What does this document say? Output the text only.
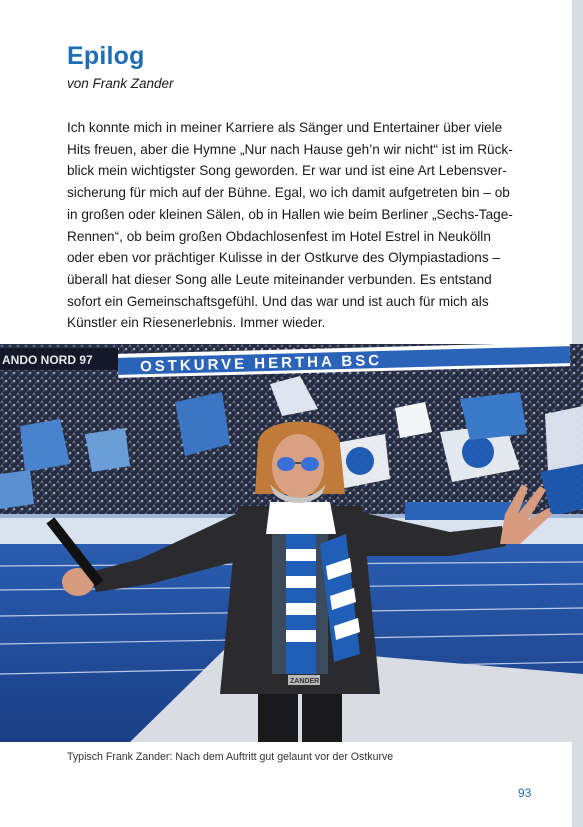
Epilog
von Frank Zander
Ich konnte mich in meiner Karriere als Sänger und Entertainer über viele
Hits freuen, aber die Hymne „Nur nach Hause geh’n wir nicht“ ist im Rück-
blick mein wichtigster Song geworden. Er war und ist eine Art Lebensver-
sicherung für mich auf der Bühne. Egal, wo ich damit aufgetreten bin – ob
in großen oder kleinen Sälen, ob in Hallen wie beim Berliner „Sechs-Tage-
Rennen“, ob beim großen Obdachlosenfest im Hotel Estrel in Neukölln
oder eben vor prächtiger Kulisse in der Ostkurve des Olympiastadions –
überall hat dieser Song alle Leute miteinander verbunden. Es entstand
sofort ein Gemeinschaftsgefühl. Und das war und ist auch für mich als
Künstler ein Riesenerlebnis. Immer wieder.
OSTKURVE HERTHA BSC
ANDO NORD 97
ZANDER
Typisch Frank Zander: Nach dem Auftritt gut gelaunt vor der Ostkurve
93
